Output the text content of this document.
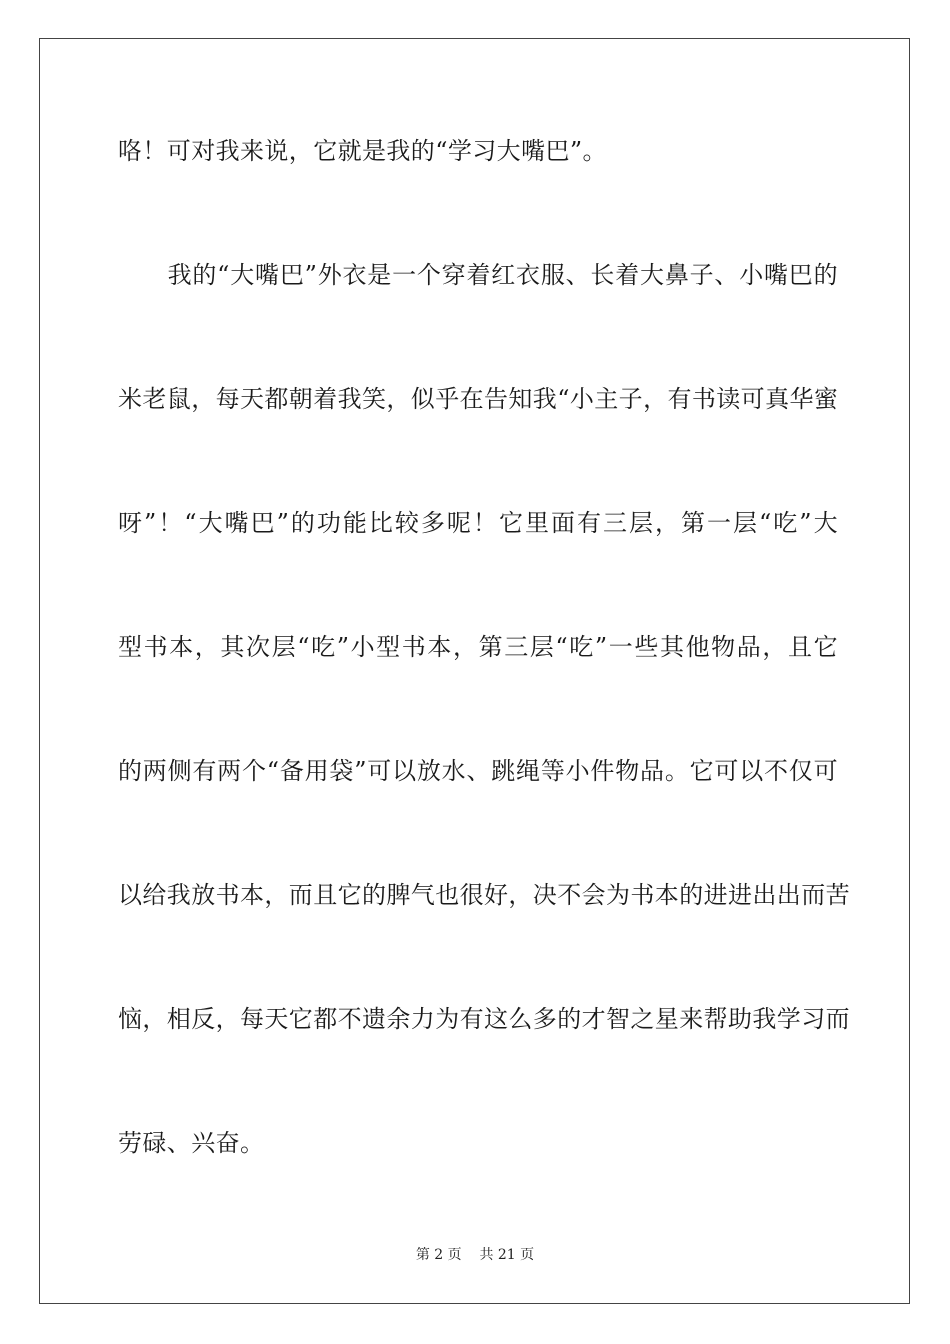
咯！可对我来说，它就是我的“学习大嘴巴”。
　　我的“大嘴巴”外衣是一个穿着红衣服、长着大鼻子、小嘴巴的
米老鼠，每天都朝着我笑，似乎在告知我“小主子，有书读可真华蜜
呀”！“大嘴巴”的功能比较多呢！它里面有三层，第一层“吃”大
型书本，其次层“吃”小型书本，第三层“吃”一些其他物品，且它
的两侧有两个“备用袋”可以放水、跳绳等小件物品。它可以不仅可
以给我放书本，而且它的脾气也很好，决不会为书本的进进出出而苦
恼，相反，每天它都不遗余力为有这么多的才智之星来帮助我学习而
劳碌、兴奋。
第 2 页 共 21 页
